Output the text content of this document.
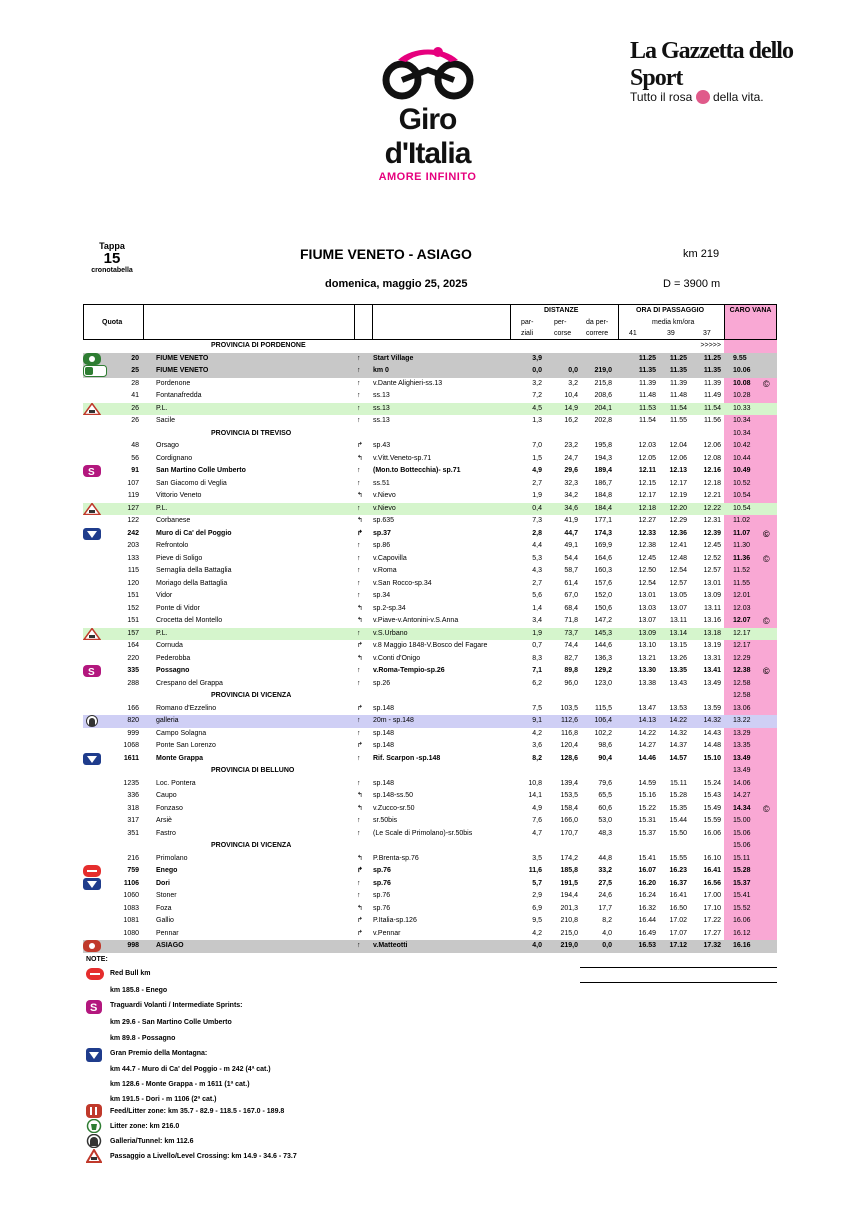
Giro d'Italia
AMORE INFINITO
La Gazzetta dello Sport
Tutto il rosa della vita.
Tappa
15
cronotabella
FIUME VENETO - ASIAGO	km 219
domenica, maggio 25, 2025	D = 3900 m
Quota
DISTANZE
par-
ziali
per-
corse
da per-
correre
ORA DI PASSAGGIO
media km/ora
41	39	37
CARO VANA
PROVINCIA DI PORDENONE	>>>>>
20 FIUME VENETO	↑ Start Village	3,9	11.25	11.25	11.25 9.55
25 FIUME VENETO	↑ km 0	0,0	0,0	219,0	11.35	11.35	11.35 10.06
28 Pordenone	↑ v.Dante Alighieri-ss.13	3,2	3,2	215,8	11.39	11.39	11.39 10.08 ©
41 Fontanafredda	↑ ss.13	7,2	10,4	208,6	11.48	11.48	11.49 10.28
26 P.L.	↑ ss.13	4,5	14,9	204,1	11.53	11.54	11.54 10.33
26 Sacile	↑ ss.13	1,3	16,2	202,8	11.54	11.55	11.56 10.34
PROVINCIA DI TREVISO	10.34
48 Orsago	↱ sp.43	7,0	23,2	195,8	12.03	12.04	12.06 10.42
56 Cordignano	↰ v.Vitt.Veneto-sp.71	1,5	24,7	194,3	12.05	12.06	12.08 10.44
S	91 San Martino Colle Umberto	↑ (Mon.to Bottecchia)- sp.71	4,9	29,6	189,4	12.11	12.13	12.16 10.49
107 San Giacomo di Veglia	↑ ss.51	2,7	32,3	186,7	12.15	12.17	12.18 10.52
119 Vittorio Veneto	↰ v.Nievo	1,9	34,2	184,8	12.17	12.19	12.21 10.54
127 P.L.	↑ v.Nievo	0,4	34,6	184,4	12.18	12.20	12.22 10.54
122 Corbanese	↰ sp.635	7,3	41,9	177,1	12.27	12.29	12.31 11.02
242 Muro di Ca' del Poggio	↱ sp.37	2,8	44,7	174,3	12.33	12.36	12.39 11.07 ©
203 Refrontolo	↑ sp.86	4,4	49,1	169,9	12.38	12.41	12.45 11.30
133 Pieve di Soligo	↑ v.Capovilla	5,3	54,4	164,6	12.45	12.48	12.52 11.36 ©
115 Sernaglia della Battaglia	↑ v.Roma	4,3	58,7	160,3	12.50	12.54	12.57 11.52
120 Moriago della Battaglia	↑ v.San Rocco-sp.34	2,7	61,4	157,6	12.54	12.57	13.01 11.55
151 Vidor	↑ sp.34	5,6	67,0	152,0	13.01	13.05	13.09 12.01
152 Ponte di Vidor	↰ sp.2-sp.34	1,4	68,4	150,6	13.03	13.07	13.11 12.03
151 Crocetta del Montello	↰ v.Piave-v.Antonini-v.S.Anna	3,4	71,8	147,2	13.07	13.11	13.16 12.07 ©
157 P.L.	↑ v.S.Urbano	1,9	73,7	145,3	13.09	13.14	13.18 12.17
164 Cornuda	↱ v.8 Maggio 1848-V.Bosco del Fagare	0,7	74,4	144,6	13.10	13.15	13.19 12.17
220 Pederobba	↰ v.Conti d'Onigo	8,3	82,7	136,3	13.21	13.26	13.31 12.29
S	335 Possagno	↑ v.Roma-Tempio-sp.26	7,1	89,8	129,2	13.30	13.35	13.41 12.38 ©
288 Crespano del Grappa	↑ sp.26	6,2	96,0	123,0	13.38	13.43	13.49 12.58
PROVINCIA DI VICENZA	12.58
166 Romano d'Ezzelino	↱ sp.148	7,5	103,5	115,5	13.47	13.53	13.59 13.06
820 galleria	↑ 20m - sp.148	9,1	112,6	106,4	14.13	14.22	14.32 13.22
999 Campo Solagna	↑ sp.148	4,2	116,8	102,2	14.22	14.32	14.43 13.29
1068 Ponte San Lorenzo	↱ sp.148	3,6	120,4	98,6	14.27	14.37	14.48 13.35
1611 Monte Grappa	↑ Rif. Scarpon -sp.148	8,2	128,6	90,4	14.46	14.57	15.10 13.49
PROVINCIA DI BELLUNO	13.49
1235 Loc. Pontera	↑ sp.148	10,8	139,4	79,6	14.59	15.11	15.24 14.06
336 Caupo	↰ sp.148-ss.50	14,1	153,5	65,5	15.16	15.28	15.43 14.27
318 Fonzaso	↰ v.Zucco-sr.50	4,9	158,4	60,6	15.22	15.35	15.49 14.34 ©
317 Arsiè	↑ sr.50bis	7,6	166,0	53,0	15.31	15.44	15.59 15.00
351 Fastro	↑ (Le Scale di Primolano)-sr.50bis	4,7	170,7	48,3	15.37	15.50	16.06 15.06
PROVINCIA DI VICENZA	15.06
216 Primolano	↰ P.Brenta-sp.76	3,5	174,2	44,8	15.41	15.55	16.10 15.11
759 Enego	↱ sp.76	11,6	185,8	33,2	16.07	16.23	16.41 15.28
1106 Dori	↑ sp.76	5,7	191,5	27,5	16.20	16.37	16.56 15.37
1060 Stoner	↑ sp.76	2,9	194,4	24,6	16.24	16.41	17.00 15.41
1083 Foza	↰ sp.76	6,9	201,3	17,7	16.32	16.50	17.10 15.52
1081 Gallio	↱ P.Italia-sp.126	9,5	210,8	8,2	16.44	17.02	17.22 16.06
1080 Pennar	↱ v.Pennar	4,2	215,0	4,0	16.49	17.07	17.27 16.12
998 ASIAGO	↑ v.Matteotti	4,0	219,0	0,0	16.53	17.12	17.32 16.16
NOTE:
Red Bull km
km 185.8 - Enego
S Traguardi Volanti / Intermediate Sprints:
km 29.6 - San Martino Colle Umberto
km 89.8 - Possagno
Gran Premio della Montagna:
km 44.7 - Muro di Ca' del Poggio - m 242 (4ª cat.)
km 128.6 - Monte Grappa - m 1611 (1ª cat.)
km 191.5 - Dori - m 1106 (2ª cat.)
Feed/Litter zone: km 35.7 - 82.9 - 118.5 - 167.0 - 189.8
Litter zone: km 216.0
Galleria/Tunnel: km 112.6
Passaggio a Livello/Level Crossing: km 14.9 - 34.6 - 73.7
